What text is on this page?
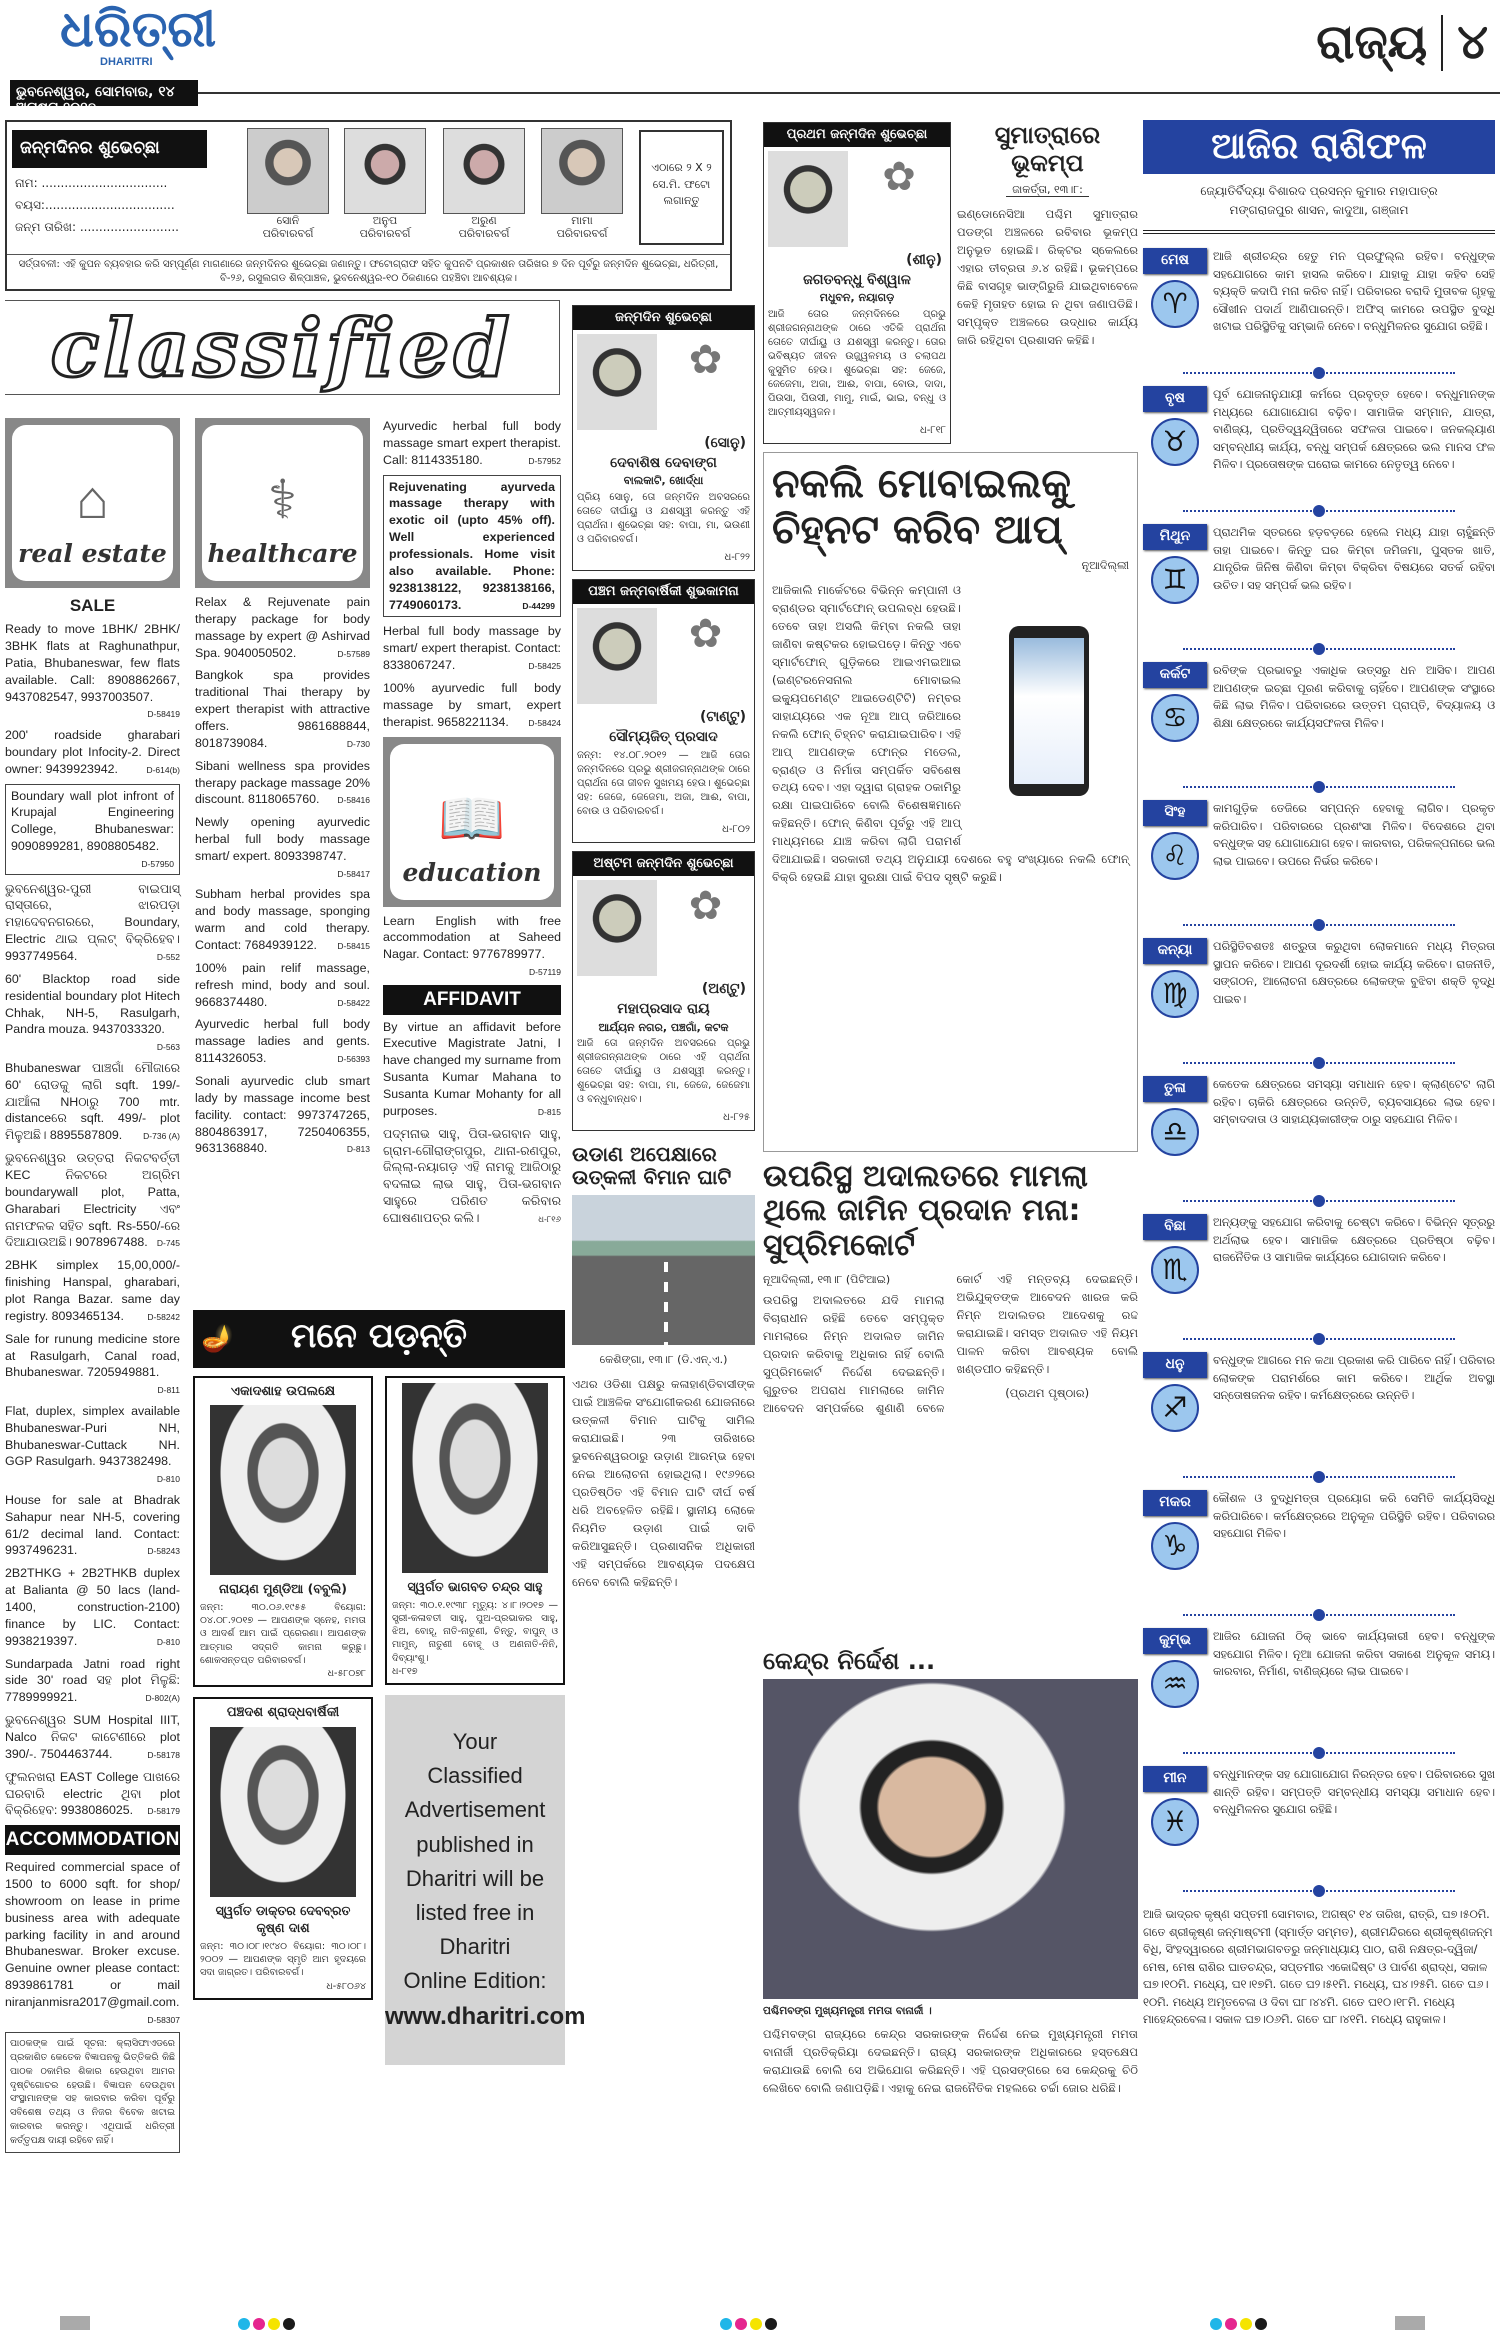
ଧରିତ୍ରୀ
DHARITRI
ଭୁବନେଶ୍ୱର, ସୋମବାର, ୧୪ ଅଗଷ୍ଟ,୨୦୧୭
ରାଜ୍ୟ ୪
ଜନ୍ମଦିନର ଶୁଭେଚ୍ଛା
ନାମ: .................................
ବୟସ:..................................
ଜନ୍ମ ତାରିଖ: ..........................	ସୋନି
ପରିବାରବର୍ଗ
ଅନୁପ
ପରିବାରବର୍ଗ
ଅରୁଣ
ପରିବାରବର୍ଗ
ମାମା
ପରିବାରବର୍ଗ
ଏଠାରେ ୨ X ୨ ସେ.ମି. ଫଟୋ ଲଗାନ୍ତୁ
ସର୍ତ୍ତାବଳୀ: ଏହି କୁପନ ବ୍ୟବହାର କରି ସମ୍ପୂର୍ଣ୍ଣ ମାଗଣାରେ ଜନ୍ମଦିନର ଶୁଭେଚ୍ଛା ଜଣାନ୍ତୁ। ଫଟୋଗ୍ରାଫ ସହିତ କୁପନଟି ପ୍ରକାଶନ ତାରିଖର ୭ ଦିନ ପୂର୍ବରୁ ଜନ୍ମଦିନ ଶୁଭେଚ୍ଛା, ଧରିତ୍ରୀ, ବି-୨୬, ରସୁଲଗଡ ଶିଳ୍ପାଞ୍ଚଳ, ଭୁବନେଶ୍ୱର-୧୦ ଠିକଣାରେ ପହଞ୍ଚିବା ଆବଶ୍ୟକ।
classified
⌂
real estate
SALE
Ready to move 1BHK/ 2BHK/ 3BHK flats at Raghunathpur, Patia, Bhubaneswar, few flats available. Call: 8908862667, 9437082547, 9937003507.
D-58419
200' roadside gharabari boundary plot Infocity-2. Direct owner: 9439923942.	D-614(b)
Boundary wall plot infront of Krupajal Engineering College, Bhubaneswar: 9090899281, 8908805482.
D-57950
ଭୁବନେଶ୍ୱର-ପୁରୀ ବାଇପାସ୍ ରାସ୍ତାରେ, ଝାରପଡ଼ା ମହାଦେବନଗରରେ, Boundary, Electric ଥାଇ ପ୍ଲଟ୍ ବିକ୍ରିହେବ। 9937749564.	D-552
60' Blacktop road side residential boundary plot Hitech Chhak, NH-5, Rasulgarh, Pandra mouza. 9437033320.
D-563
Bhubaneswar ପାଞ୍ଚଗାଁ ମୌଜାରେ 60' ରୋଡକୁ ଲାଗି sqft. 199/- ଯାଆଁଳା NHଠାରୁ 700 mtr. distanceରେ sqft. 499/- plot ମିଳୁଅଛି। 8895587809. D-736 (A)
ଭୁବନେଶ୍ୱର ଉତ୍ତରା ନିକଟବର୍ତ୍ତୀ KEC ନିକଟରେ ଅଗ୍ରିମ boundarywall plot, Patta, Gharabari Electricity ଏବଂ ନାମଫଳକ ସହିତ sqft. Rs-550/-ରେ ଦିଆଯାଉଅଛି। 9078967488. D-745
2BHK simplex 15,00,000/- finishing Hanspal, gharabari, plot Ranga Bazar. same day registry. 8093465134.	D-58242
Sale for runung medicine store at Rasulgarh, Canal road, Bhubaneswar. 7205949881.
D-811
Flat, duplex, simplex available Bhubaneswar-Puri NH, Bhubaneswar-Cuttack NH. GGP Rasulgarh. 9437382498.
D-810
House for sale at Bhadrak Sahapur near NH-5, covering 61/2 decimal land. Contact: 9937496231.	D-58243
2B2THKG + 2B2THKB duplex at Balianta @ 50 lacs (land-1400, construction-2100) finance by LIC. Contact: 9938219397.	D-810
Sundarpada Jatni road right side 30' road ସହ plot ମିଳୁଛି: 7789999921.	D-802(A)
ଭୁବନେଶ୍ୱର SUM Hospital IIIT, Nalco ନିକଟ କାଟେଣୀରେ plot 390/-. 7504463744.	D-58178
ଫୁଲନଖରା EAST College ପାଖରେ ଘରବାରି electric ଥିବା plot ବିକ୍ରିହେବ: 9938086025. D-58179
ACCOMMODATION
Required commercial space of 1500 to 6000 sqft. for shop/ showroom on lease in prime business area with adequate parking facility in and around Bhubaneswar. Broker excuse. Genuine owner please contact: 8939861781 or mail niranjanmisra2017@gmail.com.
D-58307
ପାଠକଙ୍କ ପାଇଁ ସୂଚନା: କ୍ଲାସିଫାଏଡରେ ପ୍ରକାଶିତ କେତେକ ବିଜ୍ଞାପନକୁ ଭିତ୍ତିକରି କିଛି ପାଠକ ଠକାମିର ଶିକାର ହେଉଥିବା ଆମର ଦୃଷ୍ଟିଗୋଚର ହେଉଛି। ବିଜ୍ଞାପନ ଦେଉଥିବା ସଂସ୍ଥାମାନଙ୍କ ସହ କାରବାର କରିବା ପୂର୍ବରୁ ସବିଶେଷ ତଥ୍ୟ ଓ ନିଜର ବିବେକ ଖଟାଇ କାରବାର କରନ୍ତୁ। ଏଥିପାଇଁ ଧରିତ୍ରୀ କର୍ତ୍ତୃପକ୍ଷ ଦାୟୀ ରହିବେ ନାହିଁ।
⚕
healthcare
Relax & Rejuvenate pain therapy package for body massage by expert @ Ashirvad Spa. 9040050502.	D-57589
Bangkok spa provides traditional Thai therapy by expert therapist with attractive offers. 9861688844, 8018739084.	D-730
Sibani wellness spa provides therapy package massage 20% discount. 8118065760. D-58416
Newly opening ayurvedic herbal full body massage smart/ expert. 8093398747.
D-58417
Subham herbal provides spa and body massage, sponging warm and cold therapy. Contact: 7684939122. D-58415
100% pain relif massage, refresh mind, body and soul. 9668374480.	D-58422
Ayurvedic herbal full body massage ladies and gents. 8114326053.	D-56393
Sonali ayurvedic club smart lady by massage income best facility. contact: 9973747265, 8804863917, 7250406355, 9631368840.	D-813
Ayurvedic herbal full body massage smart expert therapist. Call: 8114335180.	D-57952
Rejuvenating ayurveda massage therapy with exotic oil (upto 45% off). Well experienced professionals. Home visit also available. Phone: 9238138122, 9238138166, 7749060173.	D-44299
Herbal full body massage by smart/ expert therapist. Contact: 8338067247.	D-58425
100% ayurvedic full body massage by smart, expert therapist. 9658221134. D-58424
📖
education
Learn English with free accommodation at Saheed Nagar. Contact: 9776789977.
D-57119
AFFIDAVIT
By virtue an affidavit before Executive Magistrate Jatni, I have changed my surname from Susanta Kumar Mahana to Susanta Kumar Mohanty for all purposes.	D-815
ପଦ୍ମନାଭ ସାହୁ, ପିତା-ଭଗବାନ ସାହୁ, ଗ୍ରାମ-ଗୌରାଙ୍ଗପୁର, ଥାନା-ରଣପୁର, ଜିଲ୍ଲା-ନୟାଗଡ଼ ଏହି ନାମକୁ ଆଜିଠାରୁ ବଦଳାଇ ଲାଭ ସାହୁ, ପିତା-ଭଗବାନ ସାହୁରେ ପରିଣତ କରିବାର ଘୋଷଣାପତ୍ର କଲି।	ଧ-୮୧୬
🪔 ମନେ ପଡ଼ନ୍ତି
ଏକାଦଶାହ ଉପଲକ୍ଷେ
ନାରାୟଣ ମୁଣ୍ଡିଆ (ବବୁଲି)
ଜନ୍ମ: ୩୦.୦୬.୧୯୫୫ ବିୟୋଗ: ୦୪.୦୮.୨୦୧୭ — ଆପଣଙ୍କ ସ୍ନେହ, ମମତା ଓ ଆଦର୍ଶ ଆମ ପାଇଁ ପ୍ରେରଣା। ଆପଣଙ୍କ ଆତ୍ମାର ସଦ୍ଗତି କାମନା କରୁଛୁ। ଶୋକସନ୍ତପ୍ତ ପରିବାରବର୍ଗ।
ଧ-୫୮୦୭୮
ପଞ୍ଚଦଶ ଶ୍ରାଦ୍ଧବାର୍ଷିକୀ
ସ୍ୱର୍ଗତ ଡାକ୍ତର ଦେବବ୍ରତ କୃଷ୍ଣ ଦାଶ
ଜନ୍ମ: ୩୦।୦୮।୧୯୪୦ ବିୟୋଗ: ୩୦।୦୮।୨୦୦୨ — ଆପଣଙ୍କ ସ୍ମୃତି ଆମ ହୃଦୟରେ ସଦା ଜାଗ୍ରତ। ପରିବାରବର୍ଗ।
ଧ-୫୮୦୬୪
ସ୍ୱର୍ଗତ ଭାଗବତ ଚନ୍ଦ୍ର ସାହୁ
ଜନ୍ମ: ୩୦.୧.୧୯୩୮ ମୃତ୍ୟୁ: ୪।୮।୨୦୧୭ — ସ୍ତ୍ରୀ-କଳାବତୀ ସାହୁ, ପୁଅ-ପ୍ରଭାକର ସାହୁ, ଝିଅ, ବୋହୂ, ନାତି-ନାତୁଣୀ, ଚିନ୍ତୁ, ବାପୁନ୍ ଓ ମାମୁନ୍, ନାତୁଣୀ ବୋହୂ ଓ ଅଣନାତି-ନିନି, ଦିବ୍ୟାଂଶୁ।
ଧ-୮୧୭
Your
Classified
Advertisement
published in
Dharitri will be
listed free in
Dharitri
Online Edition:
www.dharitri.com
ଜନ୍ମଦିନ ଶୁଭେଚ୍ଛା
✿
(ସୋନୁ)
ଦେବାଶିଷ ଦେବାଙ୍ଗ
ବାଲକାଟି, ଖୋର୍ଦ୍ଧା
ପ୍ରିୟ ସୋନୁ, ତୋ ଜନ୍ମଦିନ ଅବସରରେ ତୋତେ ଦୀର୍ଘାୟୁ ଓ ଯଶସ୍ୱୀ କରନ୍ତୁ ଏହି ପ୍ରାର୍ଥନା। ଶୁଭେଚ୍ଛା ସହ: ବାପା, ମା, ଭଉଣୀ ଓ ପରିବାରବର୍ଗ।
ଧ-୮୨୨
ପଞ୍ଚମ ଜନ୍ମବାର୍ଷିକୀ ଶୁଭକାମନା
✿
(ଟାଣ୍ଟୁ)
ସୌମ୍ୟଜିତ୍ ପ୍ରସାଦ
ଜନ୍ମ: ୧୪.୦୮.୨୦୧୨ — ଆଜି ତୋର ଜନ୍ମଦିନରେ ପ୍ରଭୁ ଶ୍ରୀଜଗନ୍ନାଥଙ୍କ ଠାରେ ପ୍ରାର୍ଥନା ତୋ ଜୀବନ ସୁଖମୟ ହେଉ। ଶୁଭେଚ୍ଛା ସହ: ଜେଜେ, ଜେଜେମା, ଅଜା, ଆଈ, ବାପା, ବୋଉ ଓ ପରିବାରବର୍ଗ।
ଧ-୮୦୨
ଅଷ୍ଟମ ଜନ୍ମଦିନ ଶୁଭେଚ୍ଛା
✿
(ଅଣ୍ଟୁ)
ମହାପ୍ରସାଦ ରାୟ
ଆର୍ଯ୍ୟନ ନଗର, ପଞ୍ଚଗାଁ, କଟକ
ଆଜି ତୋ ଜନ୍ମଦିନ ଅବସରରେ ପ୍ରଭୁ ଶ୍ରୀଜଗନ୍ନାଥଙ୍କ ଠାରେ ଏହି ପ୍ରାର୍ଥନା ତୋତେ ଦୀର୍ଘାୟୁ ଓ ଯଶସ୍ୱୀ କରନ୍ତୁ। ଶୁଭେଚ୍ଛା ସହ: ବାପା, ମା, ଜେଜେ, ଜେଜେମା ଓ ବନ୍ଧୁବାନ୍ଧବ।
ଧ-୮୨୫
ଉଡାଣ ଅପେକ୍ଷାରେ ଉତ୍କଳୀ ବିମାନ ଘାଟି
କେଶିଙ୍ଗା, ୧୩।୮ (ଡି.ଏନ୍.ଏ.)

ଏଥର ଓଡିଶା ପକ୍ଷରୁ କଳାହାଣ୍ଡିବାସୀଙ୍କ ପାଇଁ ଆଞ୍ଚଳିକ ସଂଯୋଗୀକରଣ ଯୋଜନାରେ ଉତ୍କଳୀ ବିମାନ ଘାଟିକୁ ସାମିଲ କରାଯାଇଛି। ୨୩ ତାରିଖରେ ଭୁବନେଶ୍ୱରଠାରୁ ଉଡ଼ାଣ ଆରମ୍ଭ ହେବା ନେଇ ଆଲୋଚନା ହୋଇଥିଲା। ୧୯୬୨ରେ ପ୍ରତିଷ୍ଠିତ ଏହି ବିମାନ ଘାଟି ଦୀର୍ଘ ବର୍ଷ ଧରି ଅବହେଳିତ ରହିଛି। ସ୍ଥାନୀୟ ଲୋକେ ନିୟମିତ ଉଡ଼ାଣ ପାଇଁ ଦାବି କରିଆସୁଛନ୍ତି। ପ୍ରଶାସନିକ ଅଧିକାରୀ ଏହି ସମ୍ପର୍କରେ ଆବଶ୍ୟକ ପଦକ୍ଷେପ ନେବେ ବୋଲି କହିଛନ୍ତି।

ପ୍ରଥମ ଜନ୍ମଦିନ ଶୁଭେଚ୍ଛା
✿
(ଶୀନୁ)
ଜଗତବନ୍ଧୁ ବିଶ୍ୱାଳ
ମଧୁବନ, ନୟାଗଡ଼
ଆଜି ତୋର ଜନ୍ମଦିନରେ ପ୍ରଭୁ ଶ୍ରୀଜଗନ୍ନାଥଙ୍କ ଠାରେ ଏତିକି ପ୍ରାର୍ଥନା ତୋତେ ଦୀର୍ଘାୟୁ ଓ ଯଶସ୍ୱୀ କରନ୍ତୁ। ତୋର ଭବିଷ୍ୟତ ଜୀବନ ଉଜ୍ଜ୍ୱଳମୟ ଓ ଚଲାପଥ କୁସୁମିତ ହେଉ। ଶୁଭେଚ୍ଛା ସହ: ଜେଜେ, ଜେଜେମା, ଅଜା, ଆଈ, ବାପା, ବୋଉ, ଦାଦା, ପିଉସା, ପିଉସୀ, ମାମୁ, ମାଇଁ, ଭାଇ, ବନ୍ଧୁ ଓ ଆତ୍ମୀୟସ୍ୱଜନ।
ଧ-୮୧୮
ସୁମାତ୍ରାରେ ଭୂକମ୍ପ
ଜାକର୍ତ୍ତା, ୧୩।୮:

ଇଣ୍ଡୋନେସିଆ ପଶ୍ଚିମ ସୁମାତ୍ରାର ପଡଙ୍ଗ ଅଞ୍ଚଳରେ ରବିବାର ଭୂକମ୍ପ ଅନୁଭୂତ ହୋଇଛି। ରିକ୍ଟର ସ୍କେଲରେ ଏହାର ତୀବ୍ରତା ୬.୪ ରହିଛି। ଭୂକମ୍ପରେ କିଛି ବାସଗୃହ ଭାଙ୍ଗିରୁଜି ଯାଇଥିବାବେଳେ କେହି ମୃତାହତ ହୋଇ ନ ଥିବା ଜଣାପଡିଛି। ସମ୍ପୃକ୍ତ ଅଞ୍ଚଳରେ ଉଦ୍ଧାର କାର୍ଯ୍ୟ ଜାରି ରହିଥିବା ପ୍ରଶାସନ କହିଛି।

ନକଲି ମୋବାଇଲକୁ ଚିହ୍ନଟ କରିବ ଆପ୍
ନୂଆଦିଲ୍ଲୀ

ଆଜିକାଲି ମାର୍କେଟରେ ବିଭିନ୍ନ କମ୍ପାନୀ ଓ ବ୍ରାଣ୍ଡର ସ୍ମାର୍ଟଫୋନ୍ ଉପଲବ୍ଧ ହେଉଛି। ତେବେ ତାହା ଅସଲି କିମ୍ବା ନକଲି ତାହା ଜାଣିବା କଷ୍ଟକର ହୋଇପଡ଼େ। କିନ୍ତୁ ଏବେ ସ୍ମାର୍ଟଫୋନ୍ ଗୁଡ଼ିକରେ ଆଇଏମଇଆଇ (ଇଣ୍ଟରନେସନାଲ ମୋବାଇଲ ଇକ୍ୟୁପମେଣ୍ଟ ଆଇଡେଣ୍ଟିଟି) ନମ୍ବର ସାହାଯ୍ୟରେ ଏକ ନୂଆ ଆପ୍ ଜରିଆରେ ନକଲି ଫୋନ୍ ଚିହ୍ନଟ କରାଯାଇପାରିବ। ଏହି ଆପ୍ ଆପଣଙ୍କ ଫୋନ୍‌ର ମଡେଲ, ବ୍ରାଣ୍ଡ ଓ ନିର୍ମାତା ସମ୍ପର୍କିତ ସବିଶେଷ ତଥ୍ୟ ଦେବ। ଏହା ଦ୍ୱାରା ଗ୍ରାହକ ଠକାମିରୁ ରକ୍ଷା ପାଇପାରିବେ ବୋଲି ବିଶେଷଜ୍ଞମାନେ କହିଛନ୍ତି। ଫୋନ୍ କିଣିବା ପୂର୍ବରୁ ଏହି ଆପ୍ ମାଧ୍ୟମରେ ଯାଞ୍ଚ କରିବା ଲାଗି ପରାମର୍ଶ ଦିଆଯାଇଛି। ସରକାରୀ ତଥ୍ୟ ଅନୁଯାୟୀ ଦେଶରେ ବହୁ ସଂଖ୍ୟାରେ ନକଲି ଫୋନ୍ ବିକ୍ରି ହେଉଛି ଯାହା ସୁରକ୍ଷା ପାଇଁ ବିପଦ ସୃଷ୍ଟି କରୁଛି।

ଉପରିସ୍ଥ ଅଦାଲତରେ ମାମଲା ଥିଲେ ଜାମିନ ପ୍ରଦାନ ମନା: ସୁପ୍ରିମକୋର୍ଟ
ନୂଆଦିଲ୍ଲୀ, ୧୩।୮ (ପିଟିଆଇ)

ଉପରିସ୍ଥ ଅଦାଲତରେ ଯଦି ମାମଲା ବିଚାରାଧୀନ ରହିଛି ତେବେ ସମ୍ପୃକ୍ତ ମାମଲାରେ ନିମ୍ନ ଅଦାଲତ ଜାମିନ ପ୍ରଦାନ କରିବାକୁ ଅଧିକାର ନାହିଁ ବୋଲି ସୁପ୍ରିମକୋର୍ଟ ନିର୍ଦ୍ଦେଶ ଦେଇଛନ୍ତି। ଗୁରୁତର ଅପରାଧ ମାମଲାରେ ଜାମିନ ଆବେଦନ ସମ୍ପର୍କରେ ଶୁଣାଣି ବେଳେ କୋର୍ଟ ଏହି ମନ୍ତବ୍ୟ ଦେଇଛନ୍ତି। ଅଭିଯୁକ୍ତଙ୍କ ଆବେଦନ ଖାରଜ କରି ନିମ୍ନ ଅଦାଲତର ଆଦେଶକୁ ରଦ୍ଦ କରାଯାଇଛି। ସମସ୍ତ ଅଦାଲତ ଏହି ନିୟମ ପାଳନ କରିବା ଆବଶ୍ୟକ ବୋଲି ଖଣ୍ଡପୀଠ କହିଛନ୍ତି।

(ପ୍ରଥମ ପୃଷ୍ଠାର)

କେନ୍ଦ୍ର ନିର୍ଦ୍ଦେଶ ...
ପଶ୍ଚିମବଙ୍ଗ ମୁଖ୍ୟମନ୍ତ୍ରୀ ମମତା ବାନାର୍ଜୀ ।

ପଶ୍ଚିମବଙ୍ଗ ରାଜ୍ୟରେ କେନ୍ଦ୍ର ସରକାରଙ୍କ ନିର୍ଦ୍ଦେଶ ନେଇ ମୁଖ୍ୟମନ୍ତ୍ରୀ ମମତା ବାନାର୍ଜୀ ପ୍ରତିକ୍ରିୟା ଦେଇଛନ୍ତି। ରାଜ୍ୟ ସରକାରଙ୍କ ଅଧିକାରରେ ହସ୍ତକ୍ଷେପ କରାଯାଉଛି ବୋଲି ସେ ଅଭିଯୋଗ କରିଛନ୍ତି। ଏହି ପ୍ରସଙ୍ଗରେ ସେ କେନ୍ଦ୍ରକୁ ଚିଠି ଲେଖିବେ ବୋଲି ଜଣାପଡ଼ିଛି। ଏହାକୁ ନେଇ ରାଜନୈତିକ ମହଲରେ ଚର୍ଚ୍ଚା ଜୋର ଧରିଛି।

ଆଜିର ରାଶିଫଳ
ଜ୍ୟୋତିର୍ବିଦ୍ୟା ବିଶାରଦ ପ୍ରସନ୍ନ କୁମାର ମହାପାତ୍ର
ମଙ୍ଗରାଜପୁର ଶାସନ, କାଦୁଆ, ଗଞ୍ଜାମ
ମେଷ
♈
ଆଜି ଶ୍ରୀଚନ୍ଦ୍ର ହେତୁ ମନ ପ୍ରଫୁଲ୍ଲ ରହିବ। ବନ୍ଧୁଙ୍କ ସହଯୋଗରେ କାମ ହାସଲ କରିବେ। ଯାହାକୁ ଯାହା କହିବ ସେହି ବ୍ୟକ୍ତି କଦାପି ମନା କରିବ ନାହିଁ। ପରିବାରର ବରାଦି ମୁତାବକ ଗୃହକୁ ସୌଖୀନ ପଦାର୍ଥ ଆଣିପାରନ୍ତି। ଅଫିସ୍ କାମରେ ଉପସ୍ଥିତ ବୁଦ୍ଧି ଖଟାଇ ପରିସ୍ଥିତିକୁ ସମ୍ଭାଳି ନେବେ। ବନ୍ଧୁମିଳନର ସୁଯୋଗ ରହିଛି।
ବୃଷ
♉
ପୂର୍ବ ଯୋଜନାନୁଯାୟୀ କର୍ମରେ ପ୍ରବୃତ୍ତ ହେବେ। ବନ୍ଧୁମାନଙ୍କ ମଧ୍ୟରେ ଯୋଗାଯୋଗ ବଢ଼ିବ। ସାମାଜିକ ସମ୍ମାନ, ଯାତ୍ରା, ବାଣିଜ୍ୟ, ପ୍ରତିଦ୍ୱନ୍ଦ୍ୱିତାରେ ସଫଳତା ପାଇବେ। ଜନକଲ୍ୟାଣ ସମ୍ବନ୍ଧୀୟ କାର୍ଯ୍ୟ, ବନ୍ଧୁ ସମ୍ପର୍କ କ୍ଷେତ୍ରରେ ଭଲ ମାନସ ଫଳ ମିଳିବ। ପ୍ରତୋଷଙ୍କ ଘରୋଇ କାମରେ ନେତୃତ୍ୱ ନେବେ।
ମିଥୁନ
♊
ପ୍ରାଥମିକ ସ୍ତରରେ ହଡ଼ବଡ଼ରେ ହେଲେ ମଧ୍ୟ ଯାହା ଚାହୁଁଛନ୍ତି ତାହା ପାଇବେ। କିନ୍ତୁ ଘର କିମ୍ବା ଜମିଜମା, ପୁସ୍ତକ ଖାତି, ଯାନ୍ତ୍ରିକ ଜିନିଷ କିଣିବା କିମ୍ବା ବିକ୍ରିବା ବିଷୟରେ ସତର୍କ ରହିବା ଉଚିତ। ସହ ସମ୍ପର୍କ ଭଲ ରହିବ।
କର୍କଟ
♋
ରବିଙ୍କ ପ୍ରଭାବରୁ ଏକାଧିକ ଉତ୍ସରୁ ଧନ ଆସିବ। ଆପଣ ଆପଣଙ୍କ ଇଚ୍ଛା ପୂରଣ କରିବାକୁ ଚାହିଁବେ। ଆପଣଙ୍କ ସଂସ୍ଥାରେ କିଛି ଲାଭ ମିଳିବ। ପରିବାରରେ ଉତ୍ତମ ପ୍ରାପ୍ତି, ବିଦ୍ୟାଳୟ ଓ ଶିକ୍ଷା କ୍ଷେତ୍ରରେ କାର୍ଯ୍ୟସଫଳତା ମିଳିବ।
ସିଂହ
♌
କାମଗୁଡ଼ିକ ତେଜିରେ ସମ୍ପନ୍ନ ହେବାକୁ ଲାଗିବ। ପ୍ରକୃତ କରିପାରିବ। ପରିବାରରେ ପ୍ରଶଂସା ମିଳିବ। ବିଦେଶରେ ଥିବା ବନ୍ଧୁଙ୍କ ସହ ଯୋଗାଯୋଗ ହେବ। କାରବାର, ପରିକଳ୍ପନାରେ ଭଲ ଲାଭ ପାଇବେ। ଉପରେ ନିର୍ଭର କରିବେ।
କନ୍ୟା
♍
ପରିସ୍ଥିତିବଶତଃ ଶତ୍ରୁତା କରୁଥିବା ଲୋକମାନେ ମଧ୍ୟ ମିତ୍ରତା ସ୍ଥାପନ କରିବେ। ଆପଣ ଦୂରଦର୍ଶୀ ହୋଇ କାର୍ଯ୍ୟ କରିବେ। ରାଜନୀତି, ସଙ୍ଗଠନ, ଆଲୋଚନା କ୍ଷେତ୍ରରେ ଲୋକଙ୍କ ବୁଝିବା ଶକ୍ତି ବୃଦ୍ଧି ପାଇବ।
ତୁଳା
♎
କେତେକ କ୍ଷେତ୍ରରେ ସମସ୍ୟା ସମାଧାନ ହେବ। କ୍ଲାଣ୍ଟେଟ ଲାଗି ରହିବ। ଚାକିରି କ୍ଷେତ୍ରରେ ଉନ୍ନତି, ବ୍ୟବସାୟରେ ଲାଭ ହେବ। ସମ୍ବାଦଦାତା ଓ ସାହାଯ୍ୟକାରୀଙ୍କ ଠାରୁ ସହଯୋଗ ମିଳିବ।
ବିଛା
♏
ଅନ୍ୟଙ୍କୁ ସହଯୋଗ କରିବାକୁ ଚେଷ୍ଟା କରିବେ। ବିଭିନ୍ନ ସୂତ୍ରରୁ ଅର୍ଥଲାଭ ହେବ। ସାମାଜିକ କ୍ଷେତ୍ରରେ ପ୍ରତିଷ୍ଠା ବଢ଼ିବ। ରାଜନୈତିକ ଓ ସାମାଜିକ କାର୍ଯ୍ୟରେ ଯୋଗଦାନ କରିବେ।
ଧନୁ
♐
ବନ୍ଧୁଙ୍କ ଆଗରେ ମନ କଥା ପ୍ରକାଶ କରି ପାରିବେ ନାହିଁ। ପରିବାର ଲୋକଙ୍କ ପରାମର୍ଶରେ କାମ କରିବେ। ଆର୍ଥିକ ଅବସ୍ଥା ସନ୍ତୋଷଜନକ ରହିବ। କର୍ମକ୍ଷେତ୍ରରେ ଉନ୍ନତି।
ମକର
♑
କୌଶଳ ଓ ବୁଦ୍ଧିମତ୍ତା ପ୍ରୟୋଗ କରି ସେମିତି କାର୍ଯ୍ୟସିଦ୍ଧି କରିପାରିବେ। କର୍ମକ୍ଷେତ୍ରରେ ଅନୁକୂଳ ପରିସ୍ଥିତି ରହିବ। ପରିବାରର ସହଯୋଗ ମିଳିବ।
କୁମ୍ଭ
♒
ଆଜିର ଯୋଜନା ଠିକ୍ ଭାବେ କାର୍ଯ୍ୟକାରୀ ହେବ। ବନ୍ଧୁଙ୍କ ସହଯୋଗ ମିଳିବ। ନୂଆ ଯୋଜନା କରିବା ସକାଶେ ଅନୁକୂଳ ସମୟ। କାରବାର, ନିର୍ମାଣ, ବାଣିଜ୍ୟରେ ଲାଭ ପାଇବେ।
ମୀନ
♓
ବନ୍ଧୁମାନଙ୍କ ସହ ଯୋଗାଯୋଗ ନିରନ୍ତର ହେବ। ପରିବାରରେ ସୁଖ ଶାନ୍ତି ରହିବ। ସମ୍ପତ୍ତି ସମ୍ବନ୍ଧୀୟ ସମସ୍ୟା ସମାଧାନ ହେବ। ବନ୍ଧୁମିଳନର ସୁଯୋଗ ରହିଛି।
ଆଜି ଭାଦ୍ରବ କୃଷ୍ଣ ସପ୍ତମୀ ସୋମବାର, ଅଗଷ୍ଟ ୧୪ ତାରିଖ, ରାତ୍ରି, ଘ୭।୫୦ମି. ଗତେ ଶ୍ରୀକୃଷ୍ଣ ଜନ୍ମାଷ୍ଟମୀ (ସ୍ମାର୍ତ୍ତ ସମ୍ମତ), ଶ୍ରୀମନ୍ଦିରରେ ଶ୍ରୀକୃଷ୍ଣଜନ୍ମ ବିଧି, ସିଂହଦ୍ୱାରରେ ଶ୍ରୀମଭାଗବତରୁ ଜନ୍ମାଧ୍ୟାୟ ପାଠ, ରାଶି ନକ୍ଷତ୍ର-ଦ୍ୱିଜା/ମେଷ, ମେଷ ରାଶିର ଘାତଚନ୍ଦ୍ର, ସପ୍ତମୀର ଏକୋଦ୍ଦିଷ୍ଟ ଓ ପାର୍ବଣ ଶ୍ରାଦ୍ଧ, ସକାଳ ଘ୭।୧୦ମି. ମଧ୍ୟେ, ଘ୧।୧୭ମି. ଗତେ ଘ୨।୫୧ମି. ମଧ୍ୟେ, ଘ୪।୨୫ମି. ଗତେ ଘ୬।୧୦ମି. ମଧ୍ୟେ ଅମୃତବେଳା ଓ ଦିବା ଘ୮।୪୪ମି. ଗତେ ଘ୧୦।୧୮ମି. ମଧ୍ୟେ ମାହେନ୍ଦ୍ରବେଳା। ସକାଳ ଘ୭।୦୬ମି. ଗତେ ଘ୮।୪୧ମି. ମଧ୍ୟେ ରାହୁକାଳ।
